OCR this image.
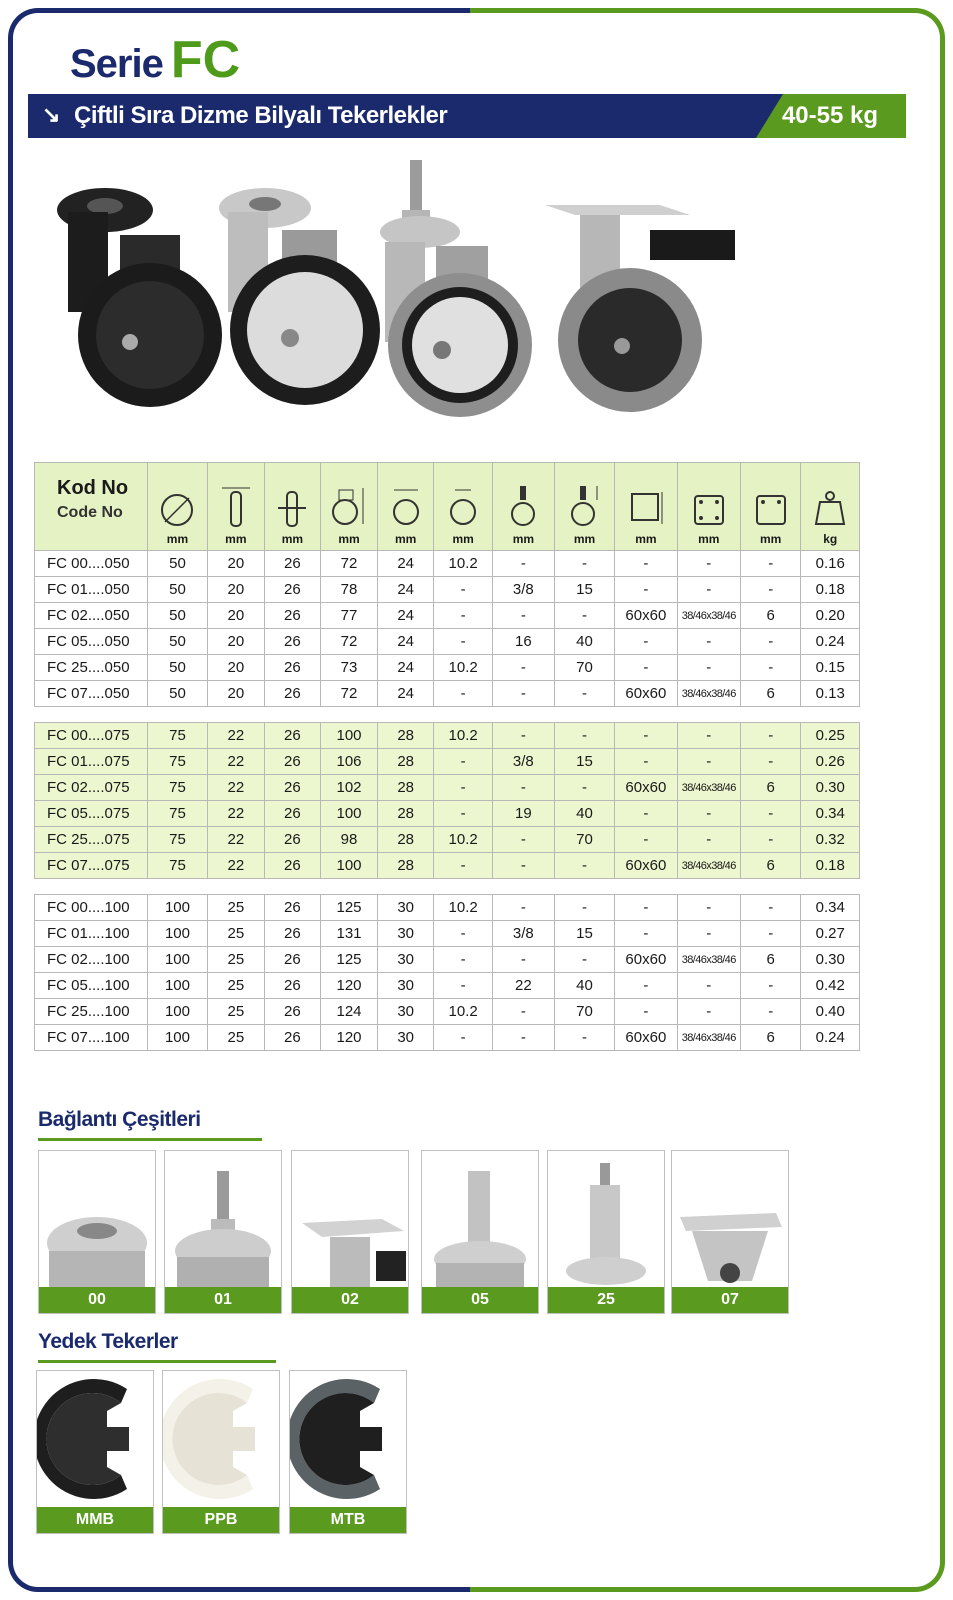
Serie FC
↘ Çiftli Sıra Dizme Bilyalı Tekerlekler	40-55 kg
Kod No
Code No	mm	mm	mm	mm	mm	mm	mm	mm	mm	mm	mm	kg

FC 00....050	50	20	26	72	24	10.2	-	-	-	-	-	0.16
FC 01....050	50	20	26	78	24	-	3/8	15	-	-	-	0.18
FC 02....050	50	20	26	77	24	-	-	-	60x60	38/46x38/46	6	0.20
FC 05....050	50	20	26	72	24	-	16	40	-	-	-	0.24
FC 25....050	50	20	26	73	24	10.2	-	70	-	-	-	0.15
FC 07....050	50	20	26	72	24	-	-	-	60x60	38/46x38/46	6	0.13

FC 00....075	75	22	26	100	28	10.2	-	-	-	-	-	0.25
FC 01....075	75	22	26	106	28	-	3/8	15	-	-	-	0.26
FC 02....075	75	22	26	102	28	-	-	-	60x60	38/46x38/46	6	0.30
FC 05....075	75	22	26	100	28	-	19	40	-	-	-	0.34
FC 25....075	75	22	26	98	28	10.2	-	70	-	-	-	0.32
FC 07....075	75	22	26	100	28	-	-	-	60x60	38/46x38/46	6	0.18

FC 00....100	100	25	26	125	30	10.2	-	-	-	-	-	0.34
FC 01....100	100	25	26	131	30	-	3/8	15	-	-	-	0.27
FC 02....100	100	25	26	125	30	-	-	-	60x60	38/46x38/46	6	0.30
FC 05....100	100	25	26	120	30	-	22	40	-	-	-	0.42
FC 25....100	100	25	26	124	30	10.2	-	70	-	-	-	0.40
FC 07....100	100	25	26	120	30	-	-	-	60x60	38/46x38/46	6	0.24
Bağlantı Çeşitleri
00	01	02	05	25	07
Yedek Tekerler
MMB	PPB	MTB
